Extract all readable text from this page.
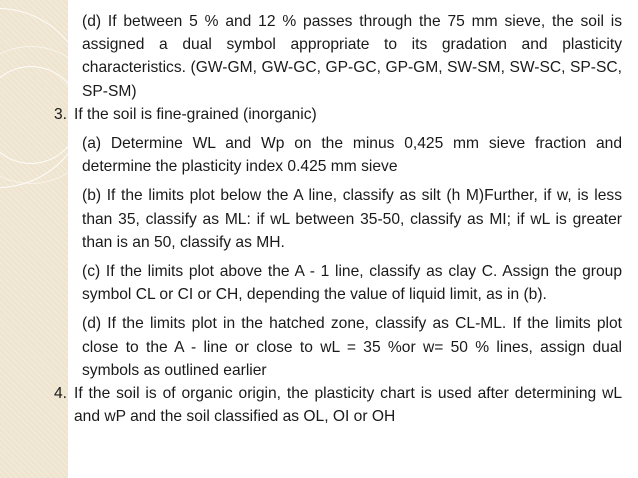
(d) If between 5 % and 12 % passes through the 75 mm sieve, the soil is assigned a dual symbol appropriate to its gradation and plasticity characteristics. (GW-GM, GW-GC, GP-GC, GP-GM, SW-SM, SW-SC, SP-SC, SP-SM)

3. If the soil is fine-grained (inorganic)

(a) Determine WL and Wp on the minus 0,425 mm sieve fraction and determine the plasticity index 0.425 mm sieve

(b) If the limits plot below the A line, classify as silt (h M)Further, if w, is less than 35, classify as ML: if wL between 35-50, classify as MI; if wL is greater than is an 50, classify as MH.

(c) If the limits plot above the A - 1 line, classify as clay C. Assign the group symbol CL or CI or CH, depending the value of liquid limit, as in (b).

(d) If the limits plot in the hatched zone, classify as CL-ML. If the limits plot close to the A - line or close to wL = 35 %or w= 50 % lines, assign dual symbols as outlined earlier

4. If the soil is of organic origin, the plasticity chart is used after determining wL and wP and the soil classified as OL, OI or OH
